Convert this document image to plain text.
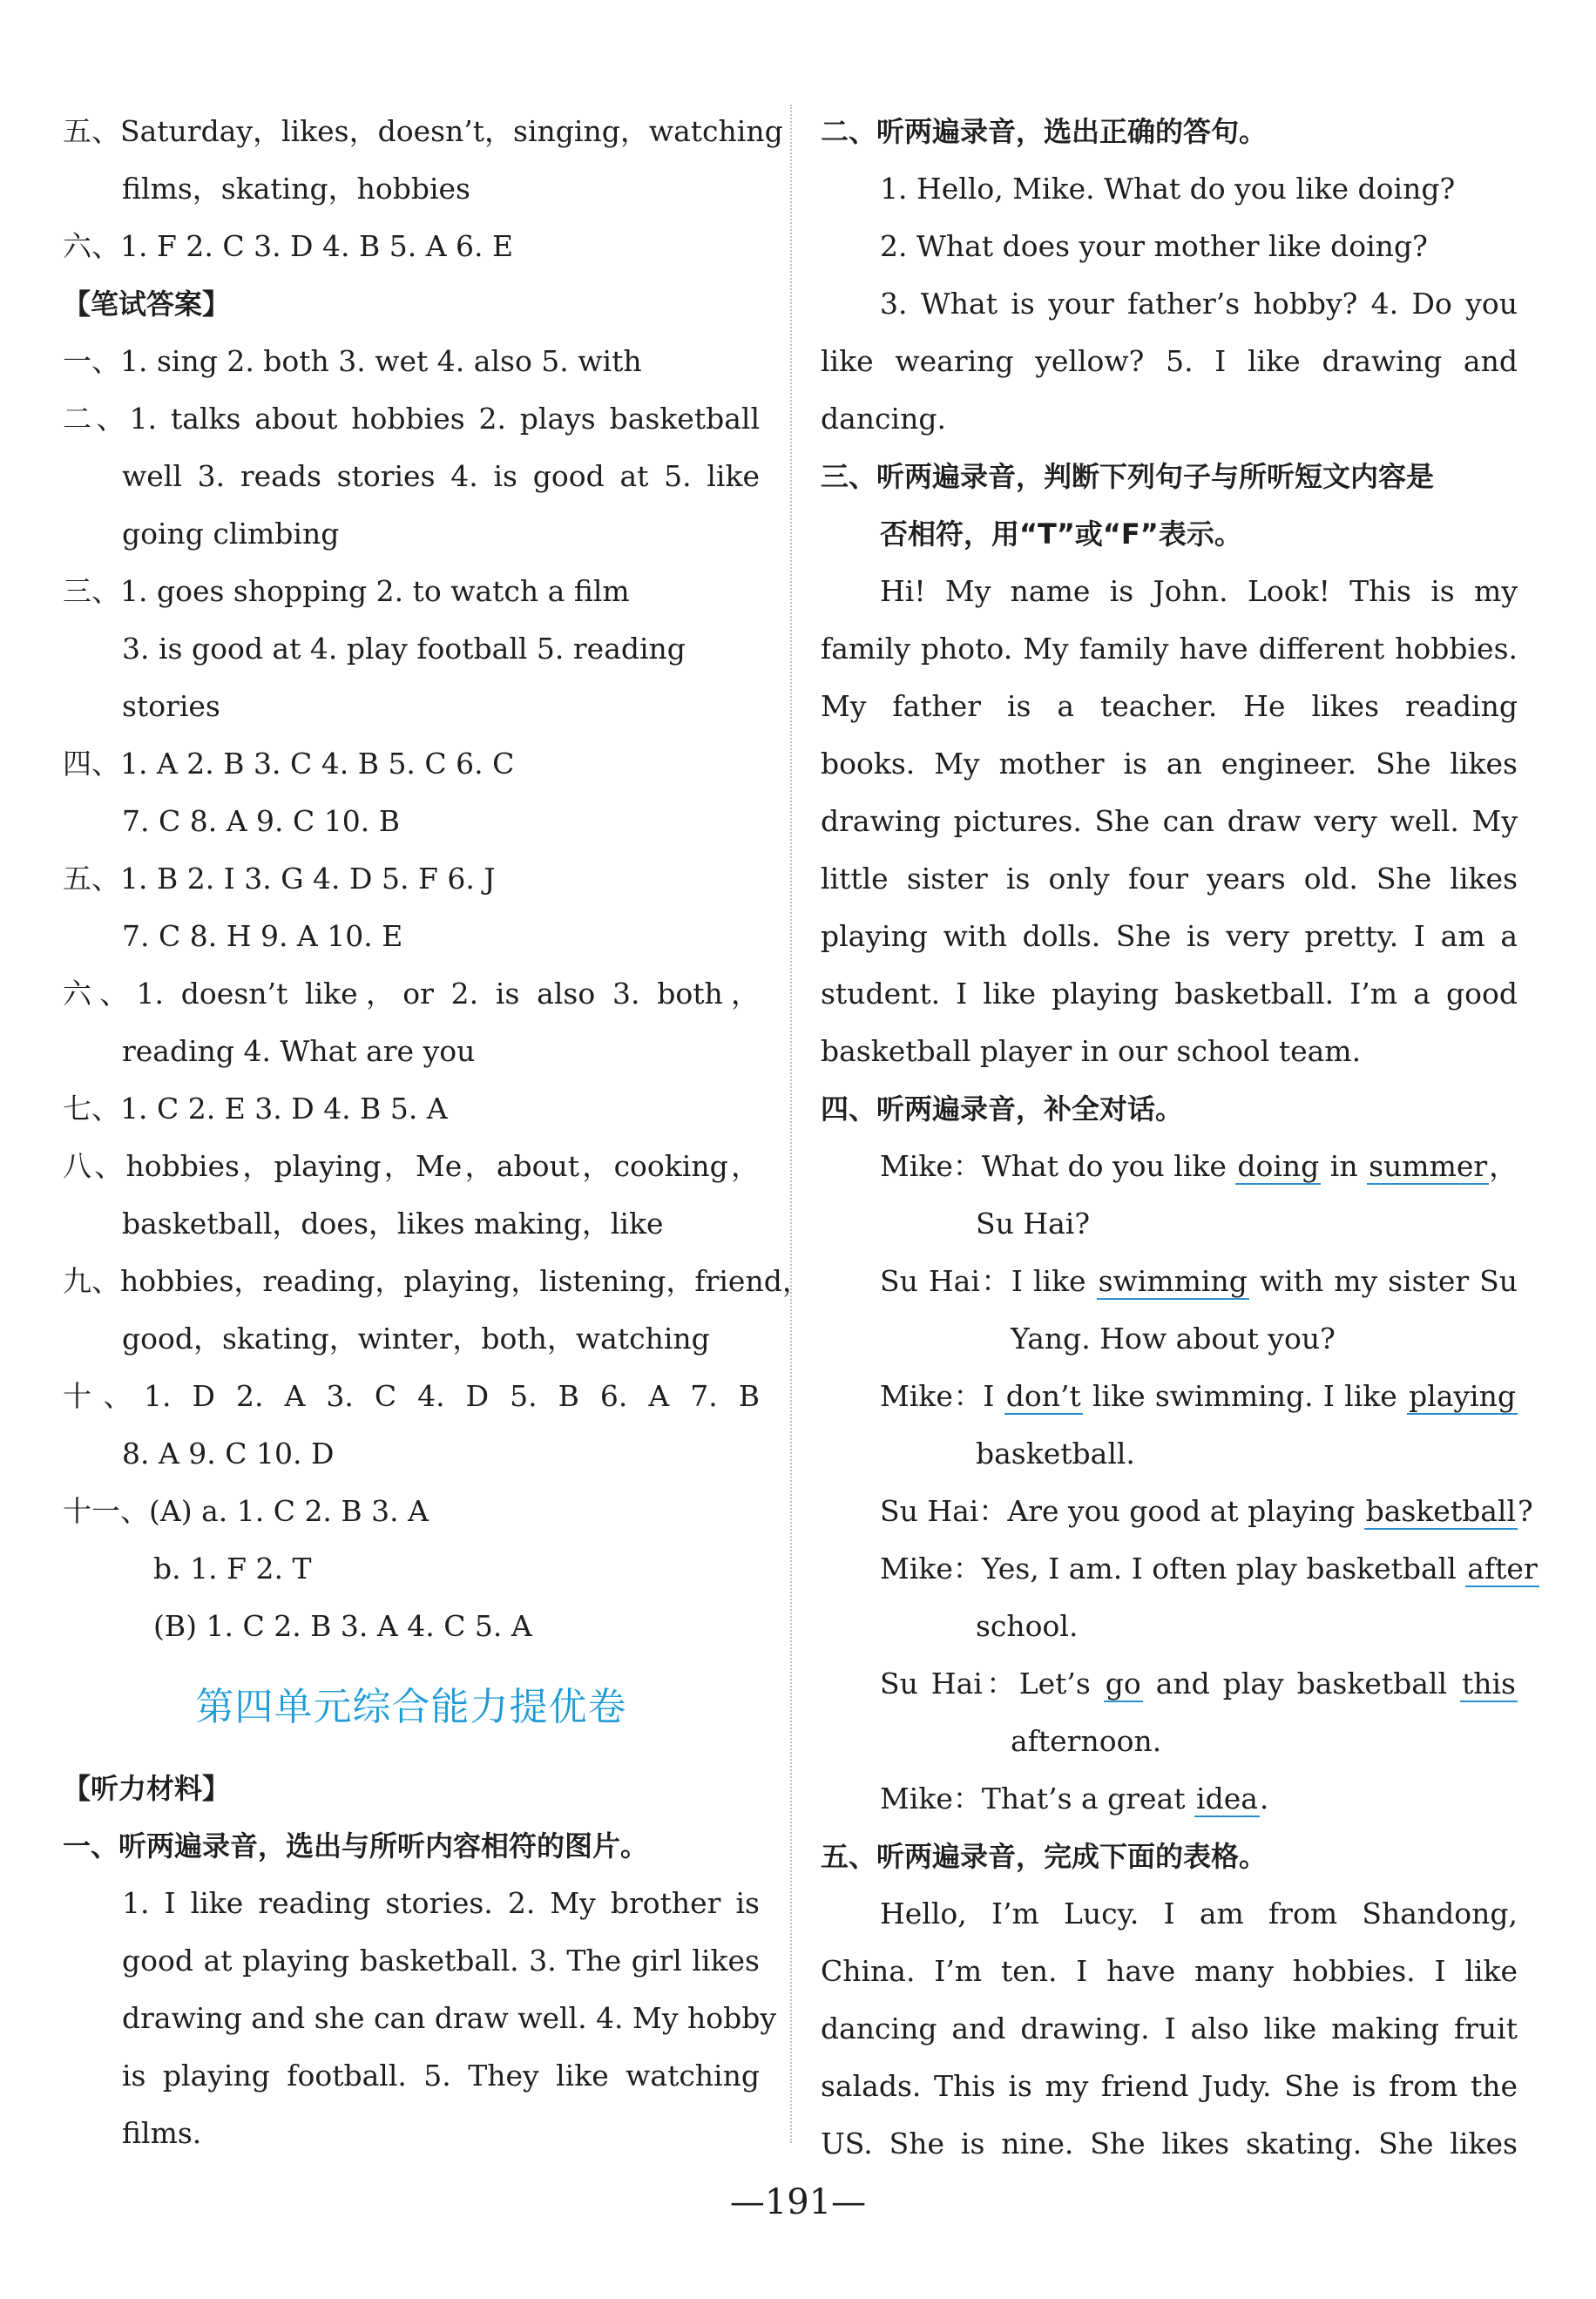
五、Saturday，likes，doesn’t，singing，watching
films，skating，hobbies
六、1. F 2. C 3. D 4. B 5. A 6. E
【笔试答案】
一、1. sing 2. both 3. wet 4. also 5. with
二、1. talks about hobbies 2. plays basketball
well 3. reads stories 4. is good at 5. like
going climbing
三、1. goes shopping 2. to watch a film
3. is good at 4. play football 5. reading
stories
四、1. A 2. B 3. C 4. B 5. C 6. C
7. C 8. A 9. C 10. B
五、1. B 2. I 3. G 4. D 5. F 6. J
7. C 8. H 9. A 10. E
六、1. doesn’t like，or 2. is also 3. both，
reading 4. What are you
七、1. C 2. E 3. D 4. B 5. A
八、hobbies，playing，Me，about，cooking，
basketball，does，likes making，like
九、hobbies，reading，playing，listening，friend，
good，skating，winter，both，watching
十、1. D 2. A 3. C 4. D 5. B 6. A 7. B
8. A 9. C 10. D
十一、(A) a. 1. C 2. B 3. A
b. 1. F 2. T
(B) 1. C 2. B 3. A 4. C 5. A
第四单元综合能力提优卷
【听力材料】
一、听两遍录音，选出与所听内容相符的图片。
1. I like reading stories. 2. My brother is
good at playing basketball. 3. The girl likes
drawing and she can draw well. 4. My hobby
is playing football. 5. They like watching
films.
二、听两遍录音，选出正确的答句。
1. Hello, Mike. What do you like doing?
2. What does your mother like doing?
3. What is your father’s hobby? 4. Do you
like wearing yellow? 5. I like drawing and
dancing.
三、听两遍录音，判断下列句子与所听短文内容是
否相符，用“T”或“F”表示。
Hi! My name is John. Look! This is my
family photo. My family have different hobbies.
My father is a teacher. He likes reading
books. My mother is an engineer. She likes
drawing pictures. She can draw very well. My
little sister is only four years old. She likes
playing with dolls. She is very pretty. I am a
student. I like playing basketball. I’m a good
basketball player in our school team.
四、听两遍录音，补全对话。
Mike：What do you like doing in summer，
Su Hai?
Su Hai：I like swimming with my sister Su
Yang. How about you?
Mike：I don’t like swimming. I like playing
basketball.
Su Hai：Are you good at playing basketball?
Mike：Yes, I am. I often play basketball after
school.
Su Hai：Let’s go and play basketball this
afternoon.
Mike：That’s a great idea.
五、听两遍录音，完成下面的表格。
Hello, I’m Lucy. I am from Shandong,
China. I’m ten. I have many hobbies. I like
dancing and drawing. I also like making fruit
salads. This is my friend Judy. She is from the
US. She is nine. She likes skating. She likes
—191—
